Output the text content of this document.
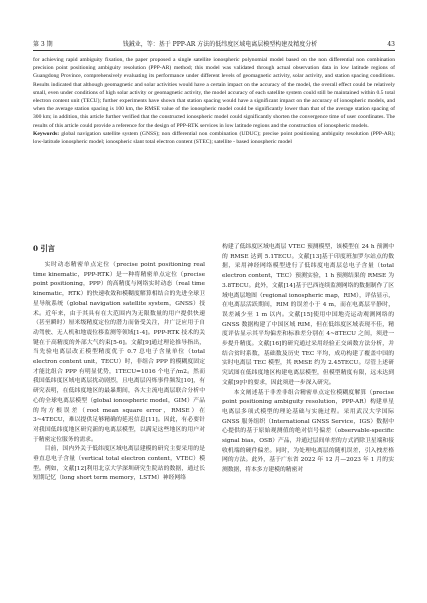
第 3 期	钱銊业，等：基于 PPP-AR 方法的低纬度区域电离层模型构建及精度分析	43

for achieving rapid ambiguity fixation, the paper proposed a single satellite ionospheric polynomial model based on the non differential non combination precision point positioning ambiguity resolution (PPP-AR) method; this model was validated through actual observation data in low latitude regions of Guangdong Province, comprehensively evaluating its performance under different levels of geomagnetic activity, solar activity, and station spacing conditions. Results indicated that although geomagnetic and solar activities would have a certain impact on the accuracy of the model, the overall effect could be relatively small, even under conditions of high solar activity or geomagnetic activity, the model accuracy of each satellite system could still be maintained within 0.5 total electron content unit (TECU); further experiments have shown that station spacing would have a significant impact on the accuracy of ionospheric models, and when the average station spacing is 100 km, the RMSE value of the ionospheric model could be significantly lower than that of the average station spacing of 300 km; in addition, this article further verified that the constructed ionospheric model could significantly shorten the convergence time of user coordinates. The results of this article could provide a reference for the design of PPP-RTK services in low latitude regions and the construction of ionospheric models.
Keywords: global navigation satellite system (GNSS); non differential non combination (UDUC); precise point positioning ambiguity resolution (PPP-AR); low-latitude ionospheric model; ionospheric slant total electron content (STEC); satellite - based ionospheric model

0 引言

实时动态精密单点定位（precise point positioning real time kinematic，PPP-RTK）是一种将精密单点定位（precise point positioning，PPP）的高精度与网络实时动态（real time kinematic，RTK）的快速收敛和模糊度解算相结合的先进全球卫星导航系统（global navigation satellite system，GNSS）技术。近年来，由于其具有在大范围内为无限数量的用户提供快速（甚至瞬时）厘米级精度定位的潜力而备受关注，并广泛应用于自动驾驶、无人机和地震位移监测等领域[1-4]。PPP-RTK 技术的关键在于高精度的外部大气约束[5-6]。文献[9]通过理论推导指出，当先验电离层改正模型精度优于 0.7 总电子含量单位（total electron content unit，TECU）时，非组合 PPP 的模糊度固定才能比组合 PPP 有明显优势，1TECU=1016 个电子/m2。然而我国低纬度区域电离层扰动剧烈，且电离层闪烁事件频发[10]，有研究表明，在低纬度地区的最暴期间，各大主流电离层联合分析中心的全球电离层模型（global ionospheric model，GIM）产品的均方根误差（root mean square error，RMSE）在 3~4TECU，难以提供足够精确的延迟信息[11]。因此，有必要针对我国低纬度地区研究新的电离层模型，以满足这些地区的用户对于精密定位服务的需求。

目前，国内外关于低纬度区域电离层建模的研究主要采用的是垂直总电子含量（vertical total electron content，VTEC）模型。例如，文献[12]利用北京大学深圳研究生院站的数据，通过长短期记忆（long short term memory，LSTM）神经网络

构建了低纬度区域电离层 VTEC 预测模型，该模型在 24 h 预测中的 RMSE 达到 5.1TECU。文献[13]基于印度班加罗尔站点的数据，采用神经网络模型进行了低纬度电离层总电子含量（total electron content，TEC）预测实验，1 h 预测结果的 RMSE 为 3.8TECU。此外，文献[14]基于巴西连续监测网络的数据制作了区域电离层地图（regional ionospheric map，RIM），评估显示，在电离层活跃期间，RIM 的误差小于 4 m，而在电离层平静时，误差减少至 1 m 以内。文献[15]使用中国地壳运动观测网络的 GNSS 数据构建了中国区域 RIM，但在低纬度区域表现不佳，精度评估显示其平均偏差和标准差分别在 4~8TECU 之间，须进一步提升精度。文献[16]的研究通过采用经验正交函数方法分析，并结合贫时系数，基础数及历史 TEC 平均，成功构建了覆盖中国的实时电离层 TEC 模型，其 RMSE 约为 2.45TECU。尽管上述研究试图在低纬度地区构建电离层模型，但模型精度有限，远未达到文献[9]中的要求，因此须进一步深入研究。

本文阐述基于非差非组合精密单点定位模糊度解算（precise point positioning ambiguity resolution，PPP-AR）构建单星电离层多项式模型的理论基础与实施过程。采用武汉大学国际 GNSS 服务组织（International GNSS Service，IGS）数据中心提供的基于原始观测值的绝对信号偏差（observable-specific signal bias，OSB）产品，并通过层间单差的方式消除卫星端和接收机端的硬件偏差。同时，为处理电离层的随机误差，引入拽差格网的方法。此外，基于广东省 2022 年 12 月—2023 年 1 月的实测数据，将本多方建模的精密对
